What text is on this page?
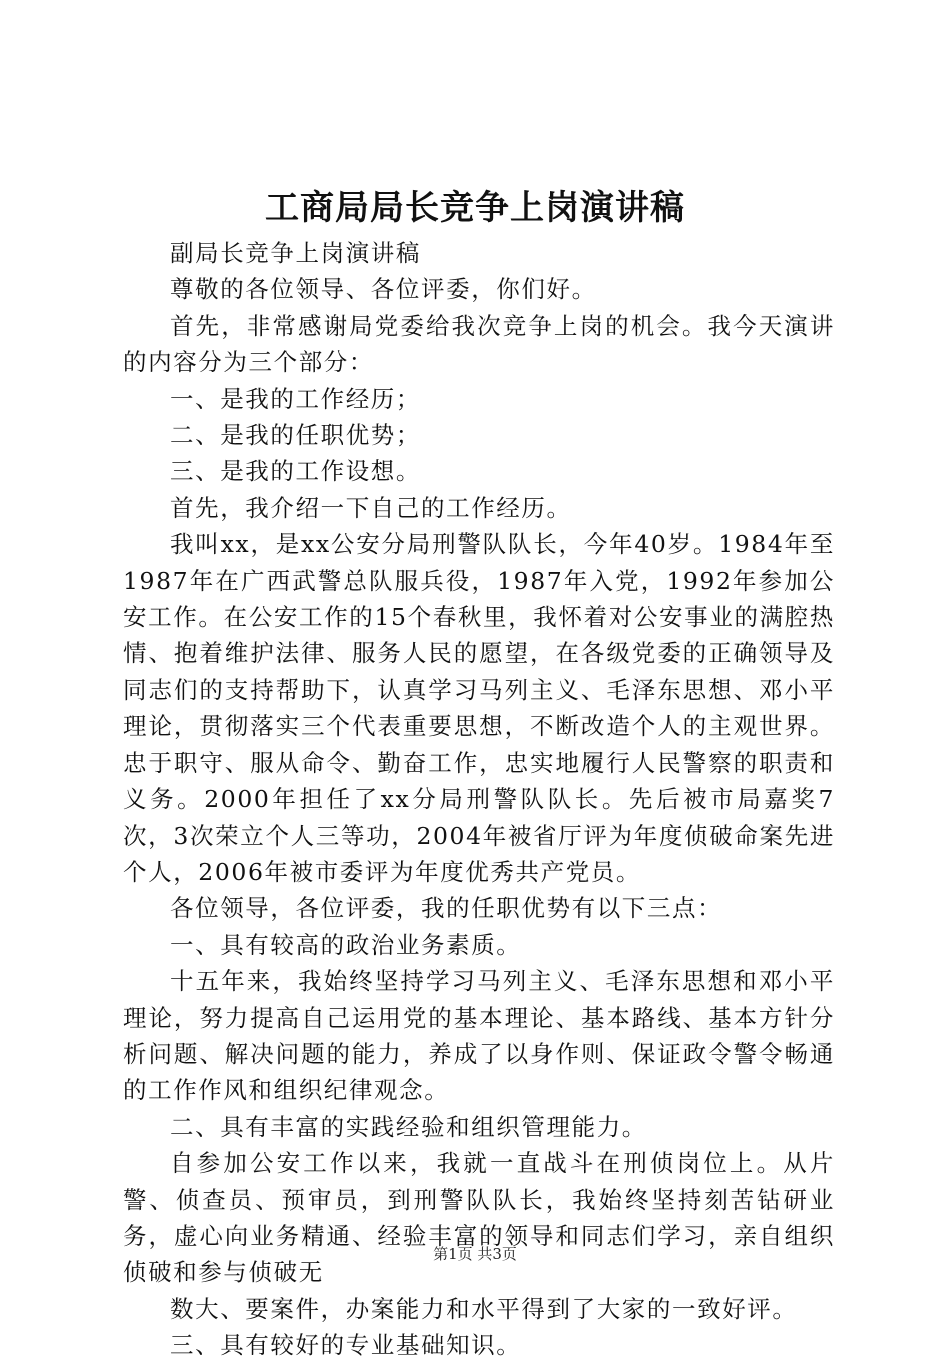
工商局局长竞争上岗演讲稿

副局长竞争上岗演讲稿

尊敬的各位领导、各位评委，你们好。

首先，非常感谢局党委给我次竞争上岗的机会。我今天演讲的内容分为三个部分：

一、是我的工作经历；

二、是我的任职优势；

三、是我的工作设想。

首先，我介绍一下自己的工作经历。

我叫xx，是xx公安分局刑警队队长，今年40岁。1984年至1987年在广西武警总队服兵役，1987年入党，1992年参加公安工作。在公安工作的15个春秋里，我怀着对公安事业的满腔热情、抱着维护法律、服务人民的愿望，在各级党委的正确领导及同志们的支持帮助下，认真学习马列主义、毛泽东思想、邓小平理论，贯彻落实三个代表重要思想，不断改造个人的主观世界。忠于职守、服从命令、勤奋工作，忠实地履行人民警察的职责和义务。2000年担任了xx分局刑警队队长。先后被市局嘉奖7次，3次荣立个人三等功，2004年被省厅评为年度侦破命案先进个人，2006年被市委评为年度优秀共产党员。

各位领导，各位评委，我的任职优势有以下三点：

一、具有较高的政治业务素质。

十五年来，我始终坚持学习马列主义、毛泽东思想和邓小平理论，努力提高自己运用党的基本理论、基本路线、基本方针分析问题、解决问题的能力，养成了以身作则、保证政令警令畅通的工作作风和组织纪律观念。

二、具有丰富的实践经验和组织管理能力。

自参加公安工作以来，我就一直战斗在刑侦岗位上。从片警、侦查员、预审员，到刑警队队长，我始终坚持刻苦钻研业务，虚心向业务精通、经验丰富的领导和同志们学习，亲自组织侦破和参与侦破无

数大、要案件，办案能力和水平得到了大家的一致好评。

三、具有较好的专业基础知识。

第1页 共3页
